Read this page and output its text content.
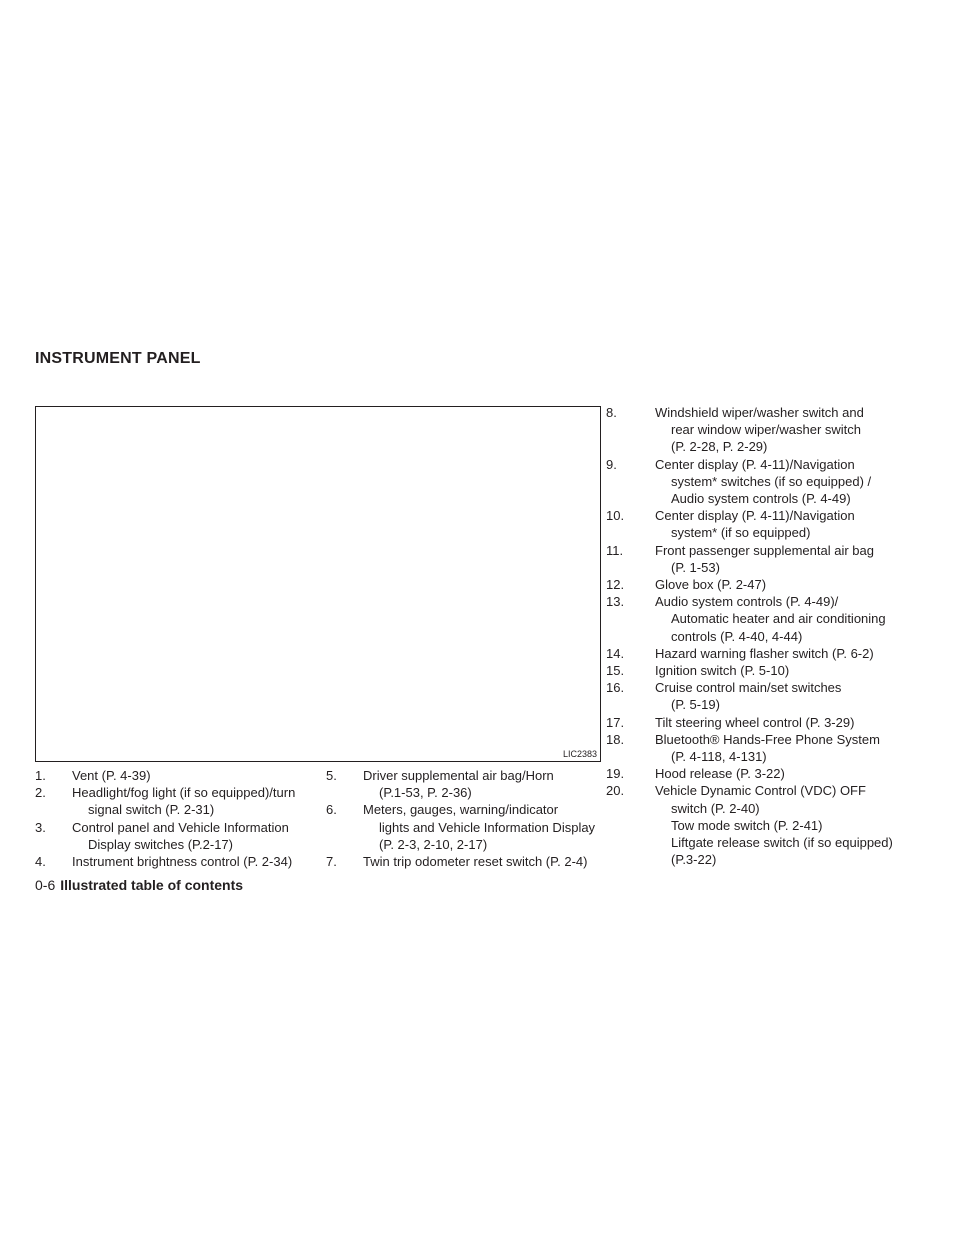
INSTRUMENT PANEL
LIC2383
1. Vent (P. 4-39)
2. Headlight/fog light (if so equipped)/turn
signal switch (P. 2-31)
3. Control panel and Vehicle Information
Display switches (P.2-17)
4. Instrument brightness control (P. 2-34)
5. Driver supplemental air bag/Horn
(P.1-53, P. 2-36)
6. Meters, gauges, warning/indicator
lights and Vehicle Information Display
(P. 2-3, 2-10, 2-17)
7. Twin trip odometer reset switch (P. 2-4)
8.	Windshield wiper/washer switch and
rear window wiper/washer switch
(P. 2-28, P. 2-29)
9.	Center display (P. 4-11)/Navigation
system* switches (if so equipped) /
Audio system controls (P. 4-49)
10. Center display (P. 4-11)/Navigation
system* (if so equipped)
11. Front passenger supplemental air bag
(P. 1-53)
12. Glove box (P. 2-47)
13. Audio system controls (P. 4-49)/
Automatic heater and air conditioning
controls (P. 4-40, 4-44)
14. Hazard warning flasher switch (P. 6-2)
15. Ignition switch (P. 5-10)
16. Cruise control main/set switches
(P. 5-19)
17. Tilt steering wheel control (P. 3-29)
18. Bluetooth® Hands-Free Phone System
(P. 4-118, 4-131)
19. Hood release (P. 3-22)
20. Vehicle Dynamic Control (VDC) OFF
switch (P. 2-40)
Tow mode switch (P. 2-41)
Liftgate release switch (if so equipped)
(P.3-22)
0-6 Illustrated table of contents
